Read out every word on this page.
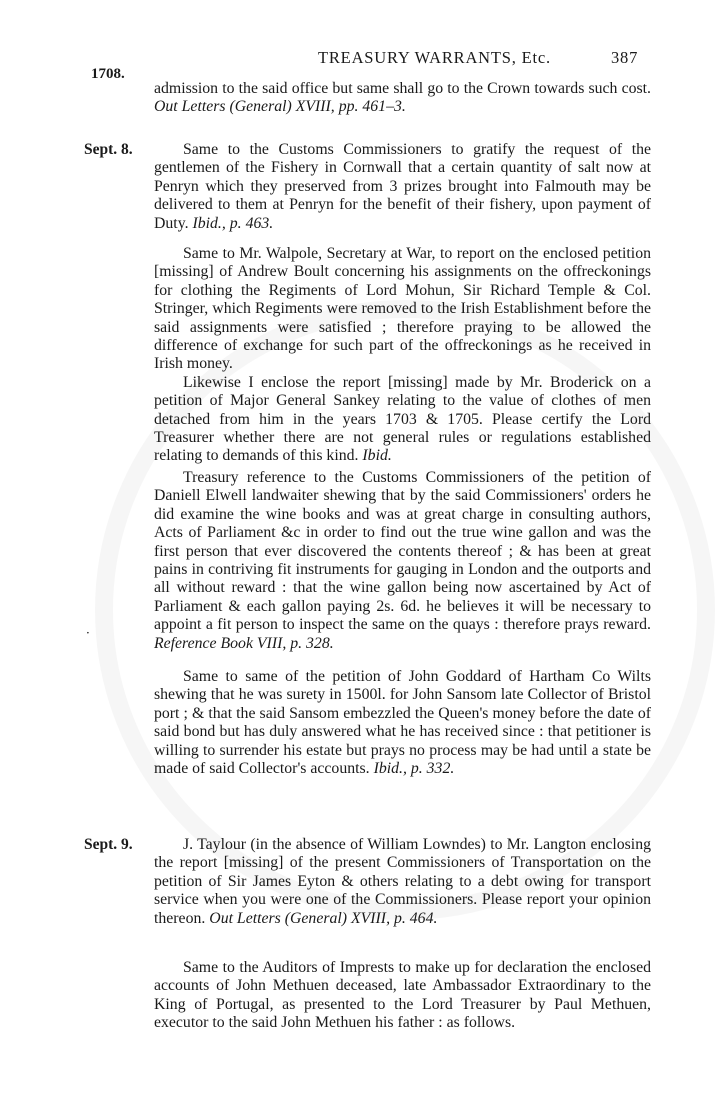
TREASURY WARRANTS, Etc.	387
1708.

admission to the said office but same shall go to the Crown towards such cost. Out Letters (General) XVIII, pp. 461–3.

Sept. 8.	Same to the Customs Commissioners to gratify the request of the gentlemen of the Fishery in Cornwall that a certain quantity of salt now at Penryn which they preserved from 3 prizes brought into Falmouth may be delivered to them at Penryn for the benefit of their fishery, upon payment of Duty. Ibid., p. 463.

Same to Mr. Walpole, Secretary at War, to report on the enclosed petition [missing] of Andrew Boult concerning his assignments on the offreckonings for clothing the Regiments of Lord Mohun, Sir Richard Temple & Col. Stringer, which Regiments were removed to the Irish Establishment before the said assignments were satisfied ; therefore praying to be allowed the difference of exchange for such part of the offreckonings as he received in Irish money.

Likewise I enclose the report [missing] made by Mr. Broderick on a petition of Major General Sankey relating to the value of clothes of men detached from him in the years 1703 & 1705. Please certify the Lord Treasurer whether there are not general rules or regulations established relating to demands of this kind. Ibid.

Treasury reference to the Customs Commissioners of the petition of Daniell Elwell landwaiter shewing that by the said Commissioners' orders he did examine the wine books and was at great charge in consulting authors, Acts of Parliament &c in order to find out the true wine gallon and was the first person that ever discovered the contents thereof ; & has been at great pains in contriving fit instruments for gauging in London and the outports and all without reward : that the wine gallon being now ascertained by Act of Parliament & each gallon paying 2s. 6d. he believes it will be necessary to appoint a fit person to inspect the same on the quays : therefore prays reward. Reference Book VIII, p. 328.

·

Same to same of the petition of John Goddard of Hartham Co Wilts shewing that he was surety in 1500l. for John Sansom late Collector of Bristol port ; & that the said Sansom embezzled the Queen's money before the date of said bond but has duly answered what he has received since : that petitioner is willing to surrender his estate but prays no process may be had until a state be made of said Collector's accounts. Ibid., p. 332.

Sept. 9.	J. Taylour (in the absence of William Lowndes) to Mr. Langton enclosing the report [missing] of the present Commissioners of Transportation on the petition of Sir James Eyton & others relating to a debt owing for transport service when you were one of the Commissioners. Please report your opinion thereon. Out Letters (General) XVIII, p. 464.

Same to the Auditors of Imprests to make up for declaration the enclosed accounts of John Methuen deceased, late Ambassador Extraordinary to the King of Portugal, as presented to the Lord Treasurer by Paul Methuen, executor to the said John Methuen his father : as follows.
